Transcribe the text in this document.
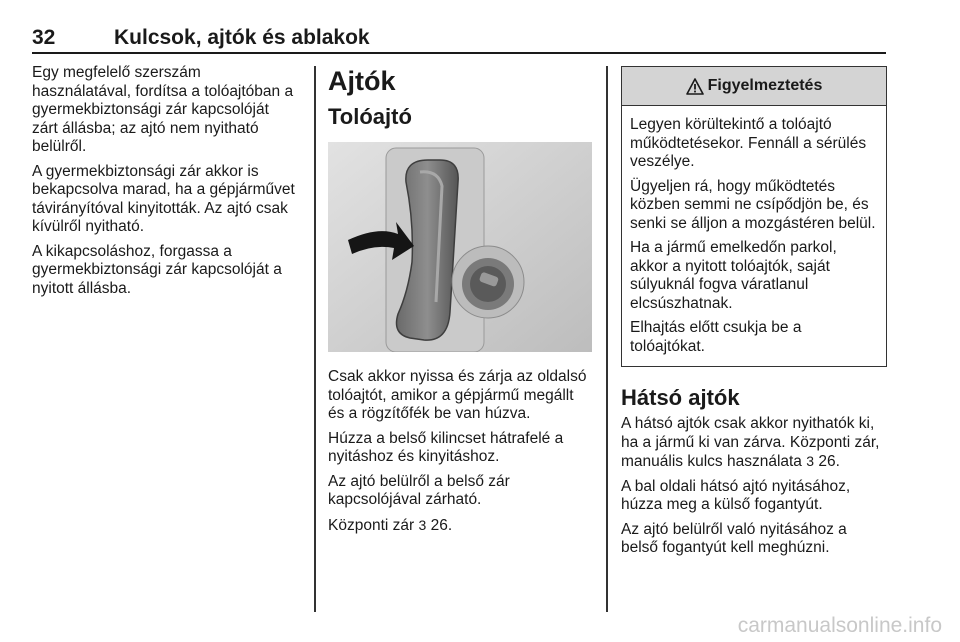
32	Kulcsok, ajtók és ablakok

Egy megfelelő szerszám használatával, fordítsa a tolóajtóban a gyermekbiztonsági zár kapcsolóját zárt állásba; az ajtó nem nyitható belülről.

A gyermekbiztonsági zár akkor is bekapcsolva marad, ha a gépjárművet távirányítóval kinyitották. Az ajtó csak kívülről nyitható.

A kikapcsoláshoz, forgassa a gyermekbiztonsági zár kapcsolóját a nyitott állásba.

Ajtók
Tolóajtó

Csak akkor nyissa és zárja az oldalsó tolóajtót, amikor a gépjármű megállt és a rögzítőfék be van húzva.

Húzza a belső kilincset hátrafelé a nyitáshoz és kinyitáshoz.

Az ajtó belülről a belső zár kapcsolójával zárható.

Központi zár 3 26.

Figyelmeztetés

Legyen körültekintő a tolóajtó működtetésekor. Fennáll a sérülés veszélye.

Ügyeljen rá, hogy működtetés közben semmi ne csípődjön be, és senki se álljon a mozgástéren belül.

Ha a jármű emelkedőn parkol, akkor a nyitott tolóajtók, saját súlyuknál fogva váratlanul elcsúszhatnak.

Elhajtás előtt csukja be a tolóajtókat.

Hátsó ajtók

A hátsó ajtók csak akkor nyithatók ki, ha a jármű ki van zárva. Központi zár, manuális kulcs használata 3 26.

A bal oldali hátsó ajtó nyitásához, húzza meg a külső fogantyút.

Az ajtó belülről való nyitásához a belső fogantyút kell meghúzni.

carmanualsonline.info
